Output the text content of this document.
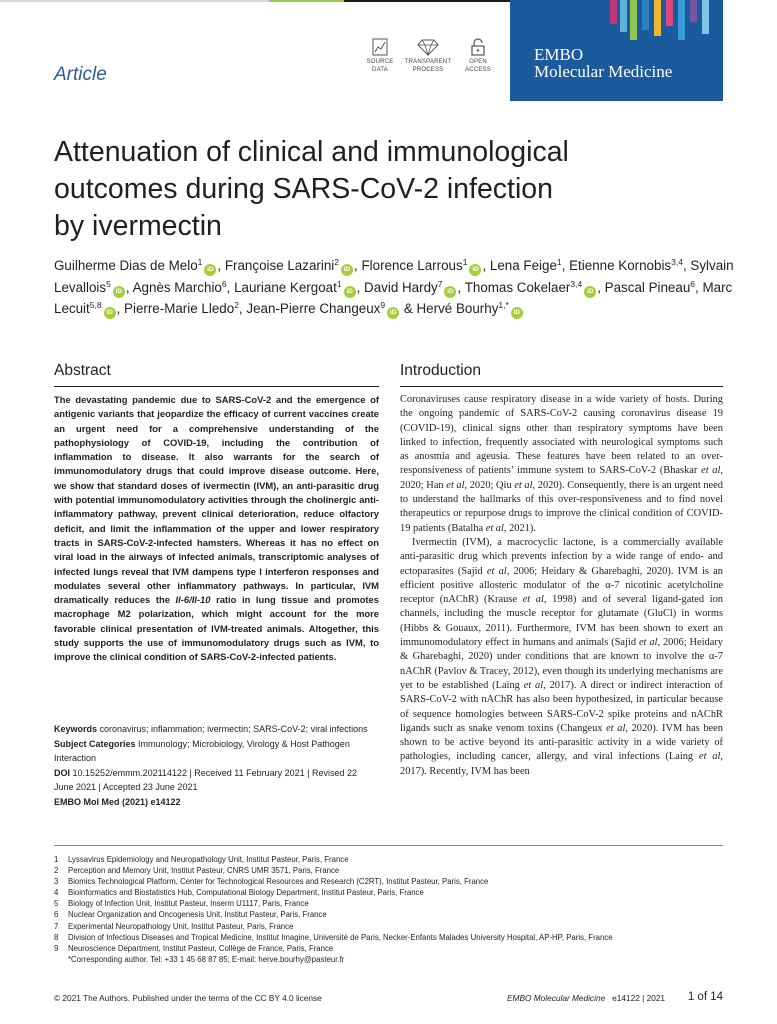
Article
SOURCE
DATA
TRANSPARENT
PROCESS
OPEN
ACCESS
EMBO
Molecular Medicine
Attenuation of clinical and immunological
outcomes during SARS-CoV-2 infection
by ivermectin
Guilherme Dias de Melo$^1$iD , Françoise Lazarini$^2$iD , Florence Larrous$^1$iD , Lena Feige$^1$, Etienne Kornobis$^{3,4}$, Sylvain Levallois$^5$iD , Agnès Marchio$^6$, Lauriane Kergoat$^1$iD , David Hardy$^7$iD , Thomas Cokelaer$^{3,4}$iD , Pascal Pineau$^6$, Marc Lecuit$^{5,8}$iD , Pierre-Marie Lledo$^2$, Jean-Pierre Changeux$^9$iD & Hervé Bourhy$^{1,*}$iD
Abstract	Introduction
The devastating pandemic due to SARS-CoV-2 and the emergence of antigenic variants that jeopardize the efficacy of current vaccines create an urgent need for a comprehensive understanding of the pathophysiology of COVID-19, including the contribution of inflammation to disease. It also warrants for the search of immunomodulatory drugs that could improve disease outcome. Here, we show that standard doses of ivermectin (IVM), an anti-parasitic drug with potential immunomodulatory activities through the cholinergic anti-inflammatory pathway, prevent clinical deterioration, reduce olfactory deficit, and limit the inflammation of the upper and lower respiratory tracts in SARS-CoV-2-infected hamsters. Whereas it has no effect on viral load in the airways of infected animals, transcriptomic analyses of infected lungs reveal that IVM dampens type I interferon responses and modulates several other inflammatory pathways. In particular, IVM dramatically reduces the Il-6/Il-10 ratio in lung tissue and promotes macrophage M2 polarization, which might account for the more favorable clinical presentation of IVM-treated animals. Altogether, this study supports the use of immunomodulatory drugs such as IVM, to improve the clinical condition of SARS-CoV-2-infected patients.
Keywords coronavirus; inflammation; ivermectin; SARS-CoV-2; viral infections
Subject Categories Immunology; Microbiology, Virology & Host Pathogen Interaction
DOI 10.15252/emmm.202114122 | Received 11 February 2021 | Revised 22 June 2021 | Accepted 23 June 2021
EMBO Mol Med (2021) e14122

Coronaviruses cause respiratory disease in a wide variety of hosts. During the ongoing pandemic of SARS-CoV-2 causing coronavirus disease 19 (COVID-19), clinical signs other than respiratory symptoms have been linked to infection, frequently associated with neurological symptoms such as anosmia and ageusia. These features have been related to an over-responsiveness of patients’ immune system to SARS-CoV-2 (Bhaskar et al, 2020; Han et al, 2020; Qiu et al, 2020). Consequently, there is an urgent need to understand the hallmarks of this over-responsiveness and to find novel therapeutics or repurpose drugs to improve the clinical condition of COVID-19 patients (Batalha et al, 2021).

Ivermectin (IVM), a macrocyclic lactone, is a commercially available anti-parasitic drug which prevents infection by a wide range of endo- and ectoparasites (Sajid et al, 2006; Heidary & Gharebaghi, 2020). IVM is an efficient positive allosteric modulator of the α-7 nicotinic acetylcholine receptor (nAChR) (Krause et al, 1998) and of several ligand-gated ion channels, including the muscle receptor for glutamate (GluCl) in worms (Hibbs & Gouaux, 2011). Furthermore, IVM has been shown to exert an immunomodulatory effect in humans and animals (Sajid et al, 2006; Heidary & Gharebaghi, 2020) under conditions that are known to involve the α-7 nAChR (Pavlov & Tracey, 2012), even though its underlying mechanisms are yet to be established (Laing et al, 2017). A direct or indirect interaction of SARS-CoV-2 with nAChR has also been hypothesized, in particular because of sequence homologies between SARS-CoV-2 spike proteins and nAChR ligands such as snake venom toxins (Changeux et al, 2020). IVM has been shown to be active beyond its anti-parasitic activity in a wide variety of pathologies, including cancer, allergy, and viral infections (Laing et al, 2017). Recently, IVM has been

1 Lyssavirus Epidemiology and Neuropathology Unit, Institut Pasteur, Paris, France
2 Perception and Memory Unit, Institut Pasteur, CNRS UMR 3571, Paris, France
3 Biomics Technological Platform, Center for Technological Resources and Research (C2RT), Institut Pasteur, Paris, France
4 Bioinformatics and Biostatistics Hub, Computational Biology Department, Institut Pasteur, Paris, France
5 Biology of Infection Unit, Institut Pasteur, Inserm U1117, Paris, France
6 Nuclear Organization and Oncogenesis Unit, Institut Pasteur, Paris, France
7 Experimental Neuropathology Unit, Institut Pasteur, Paris, France
8 Division of Infectious Diseases and Tropical Medicine, Institut Imagine, Université de Paris, Necker-Enfants Malades University Hospital, AP-HP, Paris, France
9 Neuroscience Department, Institut Pasteur, Collège de France, Paris, France
*Corresponding author. Tel: +33 1 45 68 87 85; E-mail: herve.bourhy@pasteur.fr
© 2021 The Authors. Published under the terms of the CC BY 4.0 license	EMBO Molecular Medicine e14122 | 2021 1 of 14
